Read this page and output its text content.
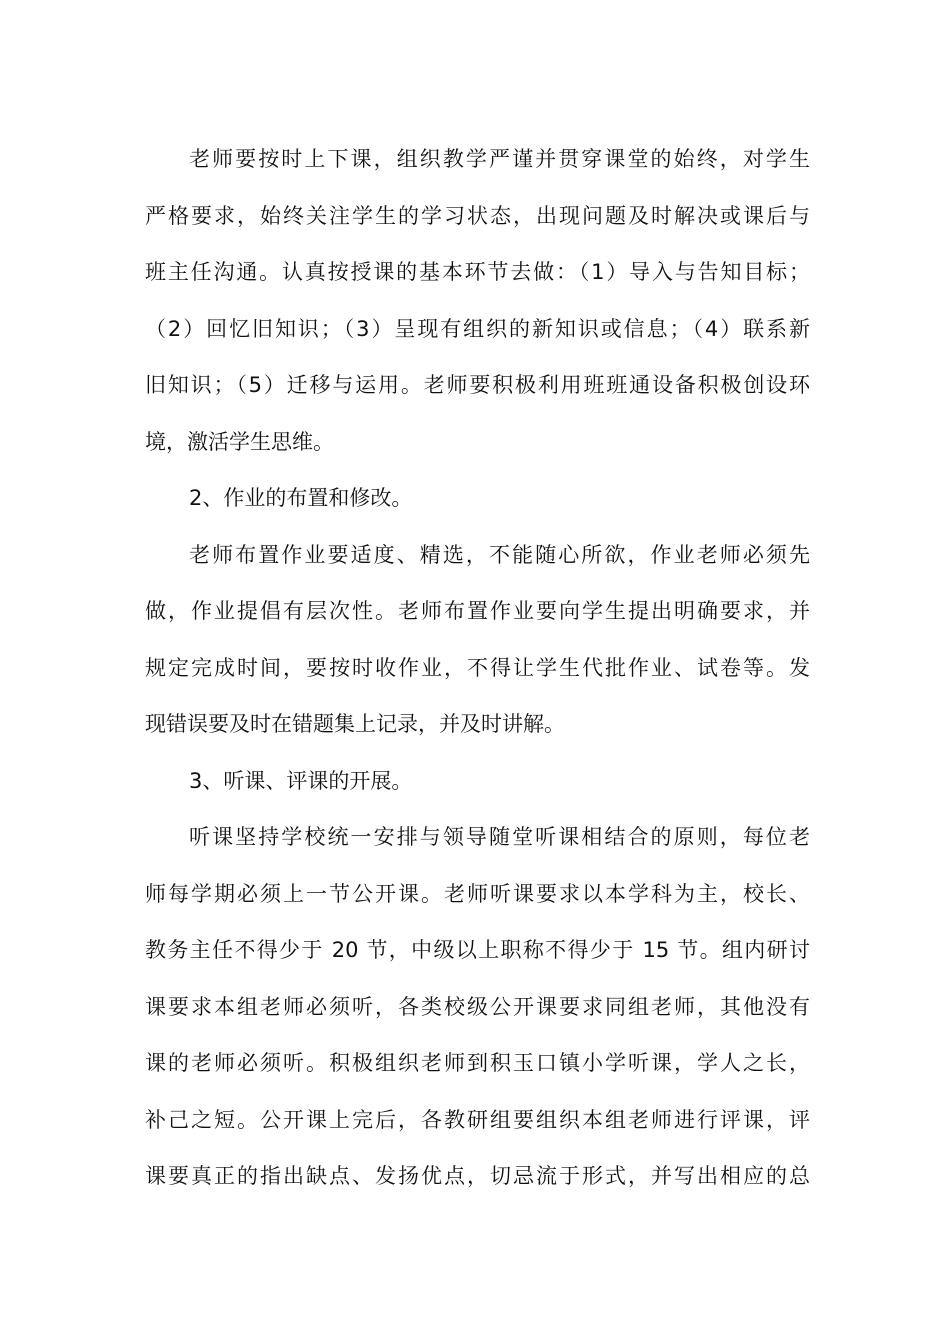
老师要按时上下课，组织教学严谨并贯穿课堂的始终，对学生
严格要求，始终关注学生的学习状态，出现问题及时解决或课后与
班主任沟通。认真按授课的基本环节去做：（1）导入与告知目标；
（2）回忆旧知识；（3）呈现有组织的新知识或信息；（4）联系新
旧知识；（5）迁移与运用。老师要积极利用班班通设备积极创设环
境，激活学生思维。
2、作业的布置和修改。
老师布置作业要适度、精选，不能随心所欲，作业老师必须先
做，作业提倡有层次性。老师布置作业要向学生提出明确要求，并
规定完成时间，要按时收作业，不得让学生代批作业、试卷等。发
现错误要及时在错题集上记录，并及时讲解。
3、听课、评课的开展。
听课坚持学校统一安排与领导随堂听课相结合的原则，每位老
师每学期必须上一节公开课。老师听课要求以本学科为主，校长、
教务主任不得少于 20 节，中级以上职称不得少于 15 节。组内研讨
课要求本组老师必须听，各类校级公开课要求同组老师，其他没有
课的老师必须听。积极组织老师到积玉口镇小学听课，学人之长，
补己之短。公开课上完后，各教研组要组织本组老师进行评课，评
课要真正的指出缺点、发扬优点，切忌流于形式，并写出相应的总
